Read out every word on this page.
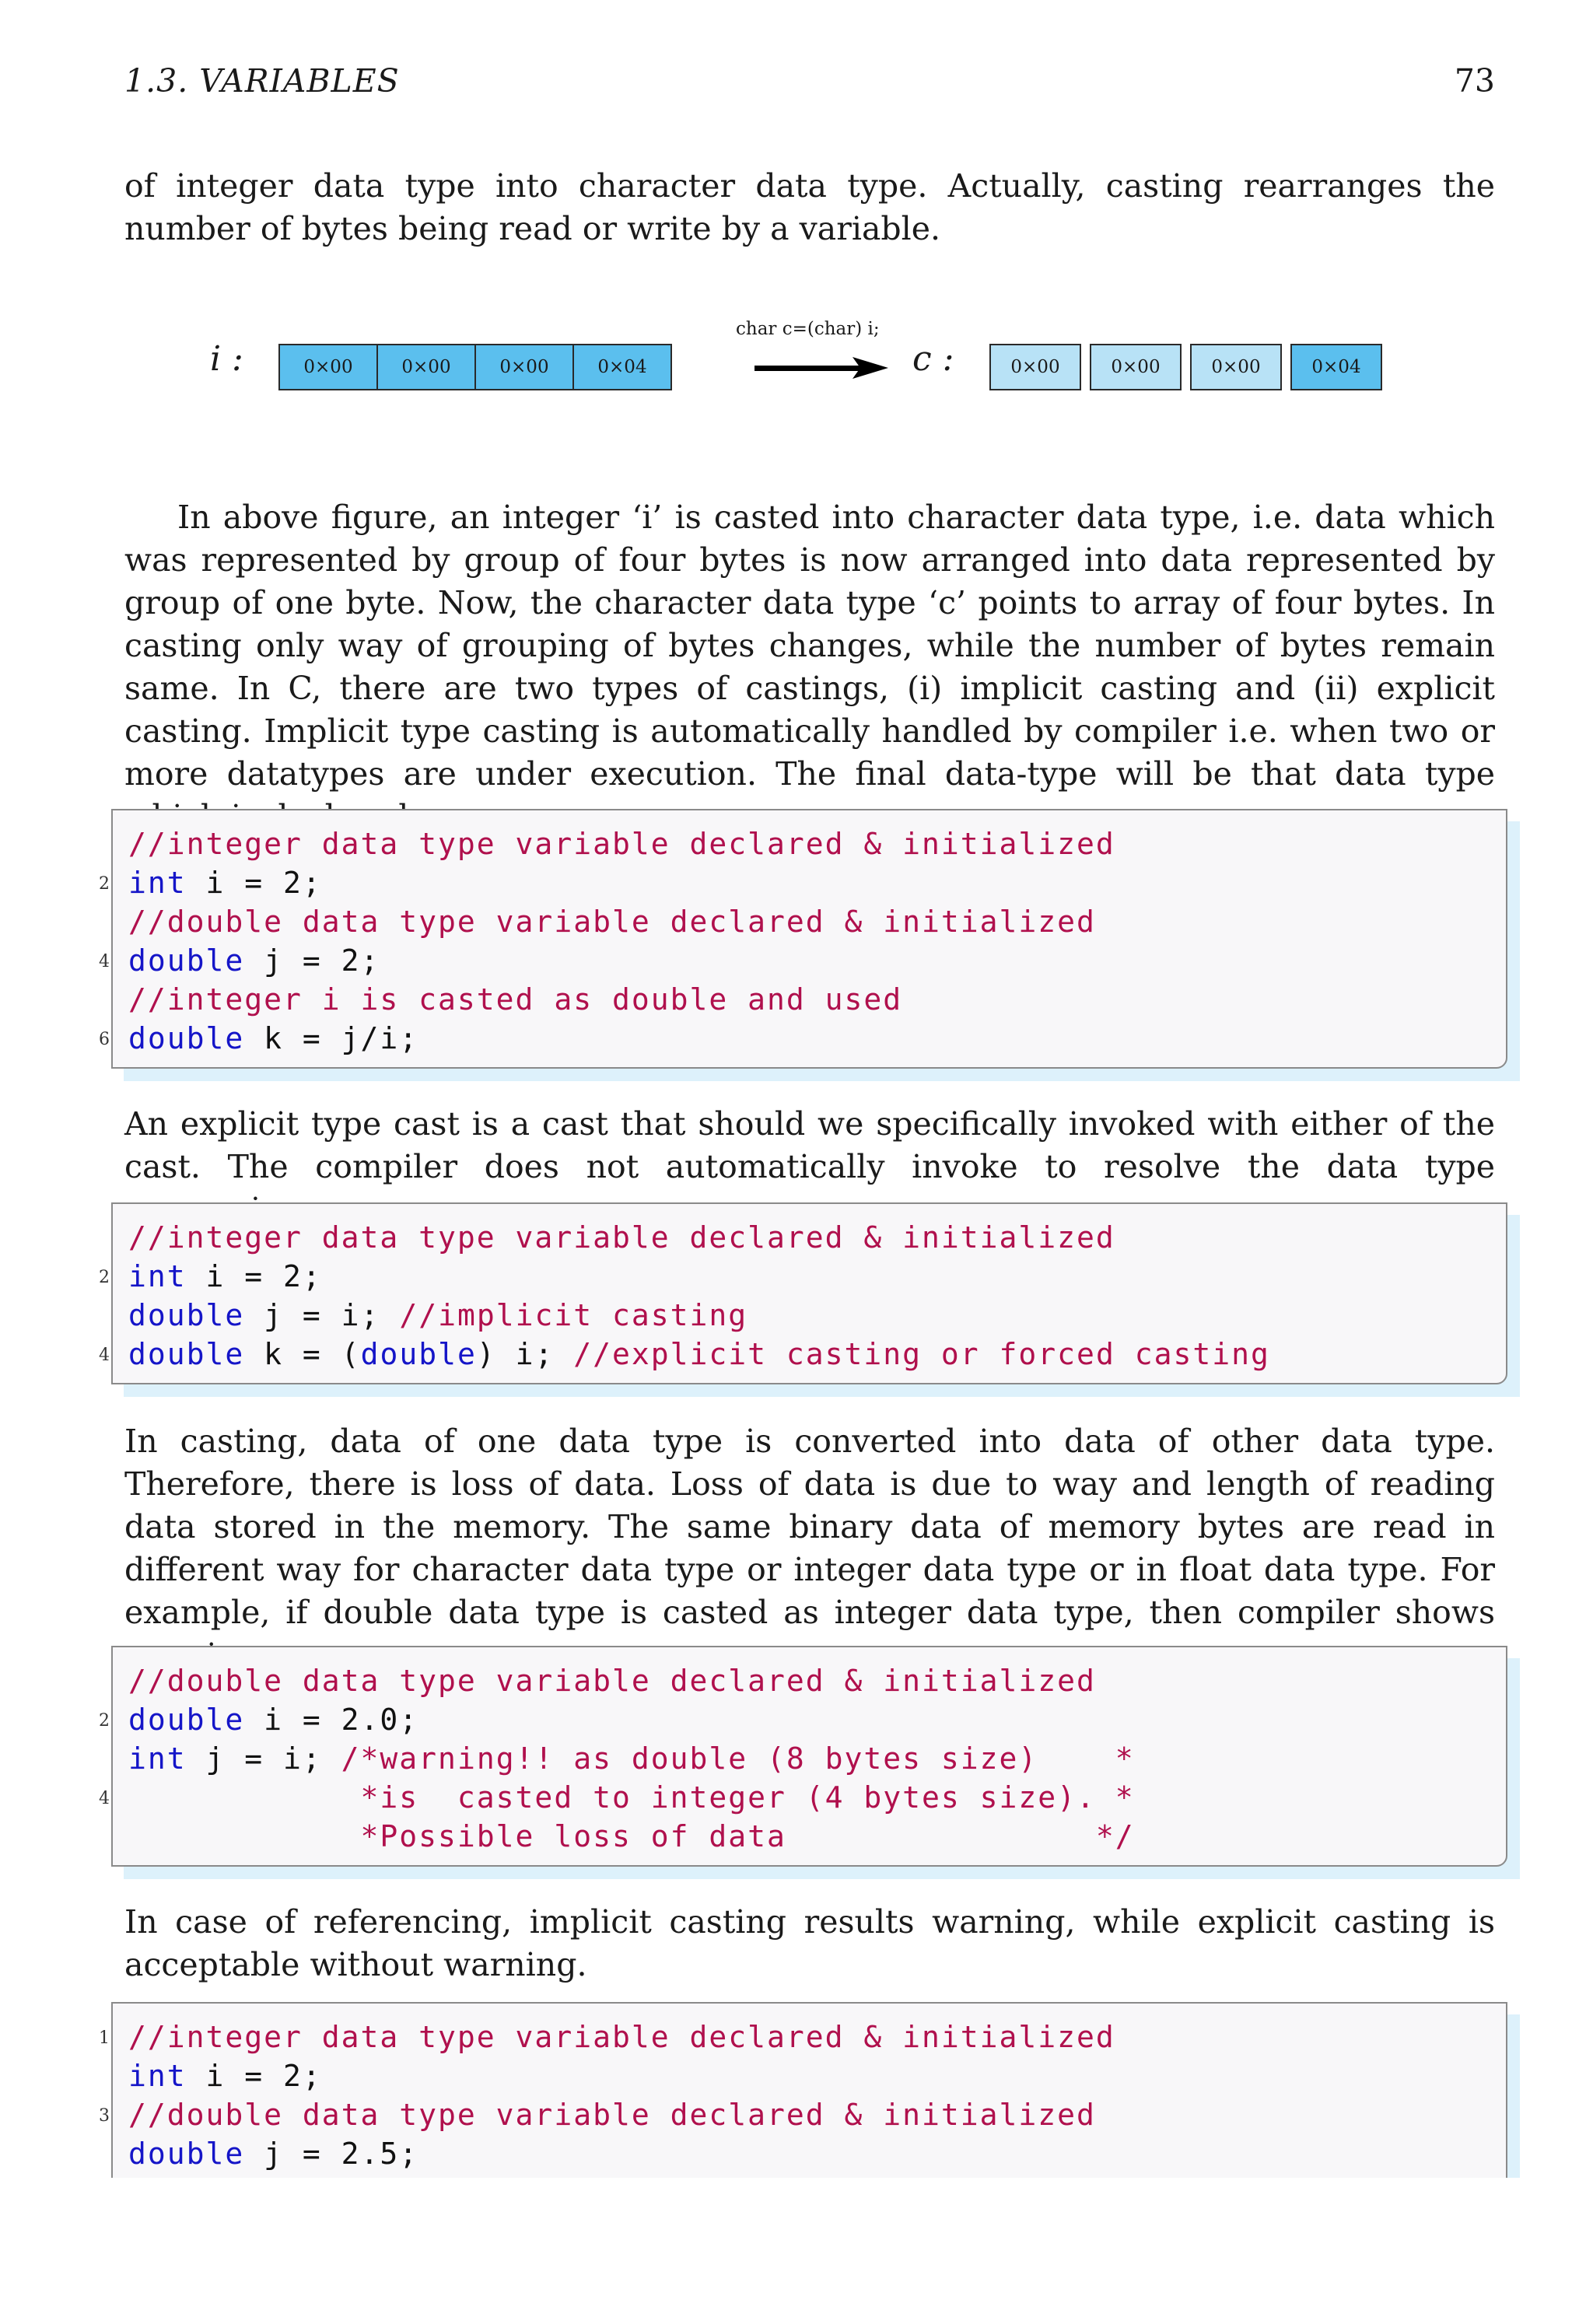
1.3. VARIABLES	73

of integer data type into character data type. Actually, casting rearranges the number of bytes being read or write by a variable.

i :	0×00	0×00	0×00	0×04
char c=(char) i;
c :	0×00	0×00	0×00	0×04

In above figure, an integer ‘i’ is casted into character data type, i.e. data which was represented by group of four bytes is now arranged into data represented by group of one byte. Now, the character data type ‘c’ points to array of four bytes. In casting only way of grouping of bytes changes, while the number of bytes remain same. In C, there are two types of castings, (i) implicit casting and (ii) explicit casting. Implicit type casting is automatically handled by compiler i.e. when two or more datatypes are under execution. The final data-type will be that data type

//integer data type variable declared & initialized
2 int i = 2;
//double data type variable declared & initialized
4 double j = 2;
//integer i is casted as double and used
6 double k = j/i;

An explicit type cast is a cast that should we specifically invoked with either of the cast. The compiler does not automatically invoke to resolve the data type

//integer data type variable declared & initialized
2 int i = 2;
double j = i; //implicit casting
4 double k = (double) i; //explicit casting or forced casting

In casting, data of one data type is converted into data of other data type. Therefore, there is loss of data. Loss of data is due to way and length of reading data stored in the memory. The same binary data of memory bytes are read in different way for character data type or integer data type or in float data type. For example, if double data type is casted as integer data type, then compiler shows

//double data type variable declared & initialized
2 double i = 2.0;
int j = i; /*warning!! as double (8 bytes size)    *
4 *is  casted to integer (4 bytes size). *
*Possible loss of data                */

In case of referencing, implicit casting results warning, while explicit casting is acceptable without warning.

1 //integer data type variable declared & initialized
int i = 2;
3 //double data type variable declared & initialized
double j = 2.5;
